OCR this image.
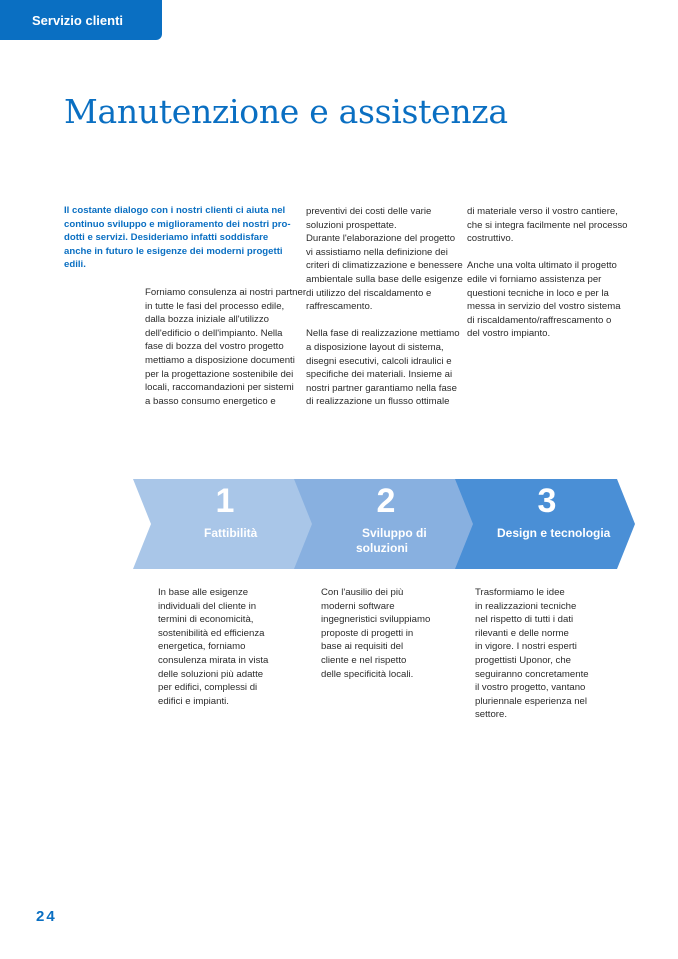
Servizio clienti
Manutenzione e assistenza
Il costante dialogo con i nostri clienti ci aiuta nel
continuo sviluppo e miglioramento dei nostri pro-
dotti e servizi. Desideriamo infatti soddisfare
anche in futuro le esigenze dei moderni progetti
edili.
Forniamo consulenza ai nostri partner
in tutte le fasi del processo edile,
dalla bozza iniziale all'utilizzo
dell'edificio o dell'impianto. Nella
fase di bozza del vostro progetto
mettiamo a disposizione documenti
per la progettazione sostenibile dei
locali, raccomandazioni per sistemi
a basso consumo energetico e
preventivi dei costi delle varie
soluzioni prospettate.
Durante l'elaborazione del progetto
vi assistiamo nella definizione dei
criteri di climatizzazione e benessere
ambientale sulla base delle esigenze
di utilizzo del riscaldamento e
raffrescamento.
Nella fase di realizzazione mettiamo
a disposizione layout di sistema,
disegni esecutivi, calcoli idraulici e
specifiche dei materiali. Insieme ai
nostri partner garantiamo nella fase
di realizzazione un flusso ottimale
di materiale verso il vostro cantiere,
che si integra facilmente nel processo
costruttivo.
Anche una volta ultimato il progetto
edile vi forniamo assistenza per
questioni tecniche in loco e per la
messa in servizio del vostro sistema
di riscaldamento/raffrescamento o
del vostro impianto.
1
Fattibilità
2
Sviluppo di
soluzioni
3
Design e tecnologia
In base alle esigenze
individuali del cliente in
termini di economicità,
sostenibilità ed efficienza
energetica, forniamo
consulenza mirata in vista
delle soluzioni più adatte
per edifici, complessi di
edifici e impianti.
Con l'ausilio dei più
moderni software
ingegneristici sviluppiamo
proposte di progetti in
base ai requisiti del
cliente e nel rispetto
delle specificità locali.
Trasformiamo le idee
in realizzazioni tecniche
nel rispetto di tutti i dati
rilevanti e delle norme
in vigore. I nostri esperti
progettisti Uponor, che
seguiranno concretamente
il vostro progetto, vantano
pluriennale esperienza nel
settore.
24
